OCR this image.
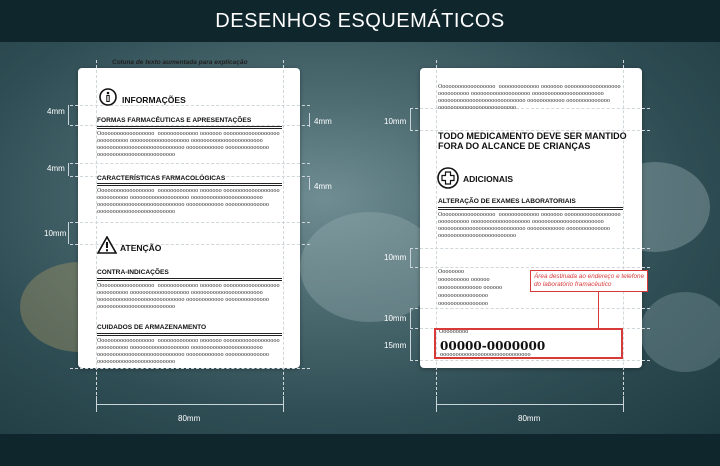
DESENHOS ESQUEMÁTICOS
Coluna de texto aumentada para explicação
INFORMAÇÕES
FORMAS FARMACÊUTICAS E APRESENTAÇÕES
Oooooooooooooooooo  ooooooooooooo ooooooo oooooooooooooooooo
oooooooooo ooooooooooooooooooo ooooooooooooooooooooooo
oooooooooooooooooooooooooooo oooooooooooo oooooooooooooo
ooooooooooooooooooooooooo
CARACTERÍSTICAS FARMACOLÓGICAS
Oooooooooooooooooo  ooooooooooooo ooooooo oooooooooooooooooo
oooooooooo ooooooooooooooooooo ooooooooooooooooooooooo
oooooooooooooooooooooooooooo oooooooooooo oooooooooooooo
ooooooooooooooooooooooooo
ATENÇÃO
CONTRA-INDICAÇÕES
Oooooooooooooooooo  ooooooooooooo ooooooo oooooooooooooooooo
oooooooooo ooooooooooooooooooo ooooooooooooooooooooooo
oooooooooooooooooooooooooooo oooooooooooo oooooooooooooo
ooooooooooooooooooooooooo
CUIDADOS DE ARMAZENAMENTO
Oooooooooooooooooo  ooooooooooooo ooooooo oooooooooooooooooo
oooooooooo ooooooooooooooooooo ooooooooooooooooooooooo
oooooooooooooooooooooooooooo oooooooooooo oooooooooooooo
ooooooooooooooooooooooooo
4mm
4mm
4mm
4mm
10mm
80mm
Oooooooooooooooooo  ooooooooooooo ooooooo oooooooooooooooooo
oooooooooo ooooooooooooooooooo ooooooooooooooooooooooo
oooooooooooooooooooooooooooo oooooooooooo oooooooooooooo
ooooooooooooooooooooooooo
TODO MEDICAMENTO DEVE SER MANTIDO
FORA DO ALCANCE DE CRIANÇAS
ADICIONAIS
ALTERAÇÃO DE EXAMES LABORATORIAIS
Oooooooooooooooooo  ooooooooooooo ooooooo oooooooooooooooooo
oooooooooo ooooooooooooooooooo ooooooooooooooooooooooo
oooooooooooooooooooooooooooo oooooooooooo oooooooooooooo
ooooooooooooooooooooooooo
Oooooooo
oooooooooo oooooo
oooooooooooooo oooooo
oooooooooooooooo
oooooooooooooooo
Área destinada ao endereço e telefone
do laboratório framacêutico
Ooooooooo
00000-0000000
ooooooooooooooooooooooooooooo
10mm
10mm
10mm
15mm
80mm
